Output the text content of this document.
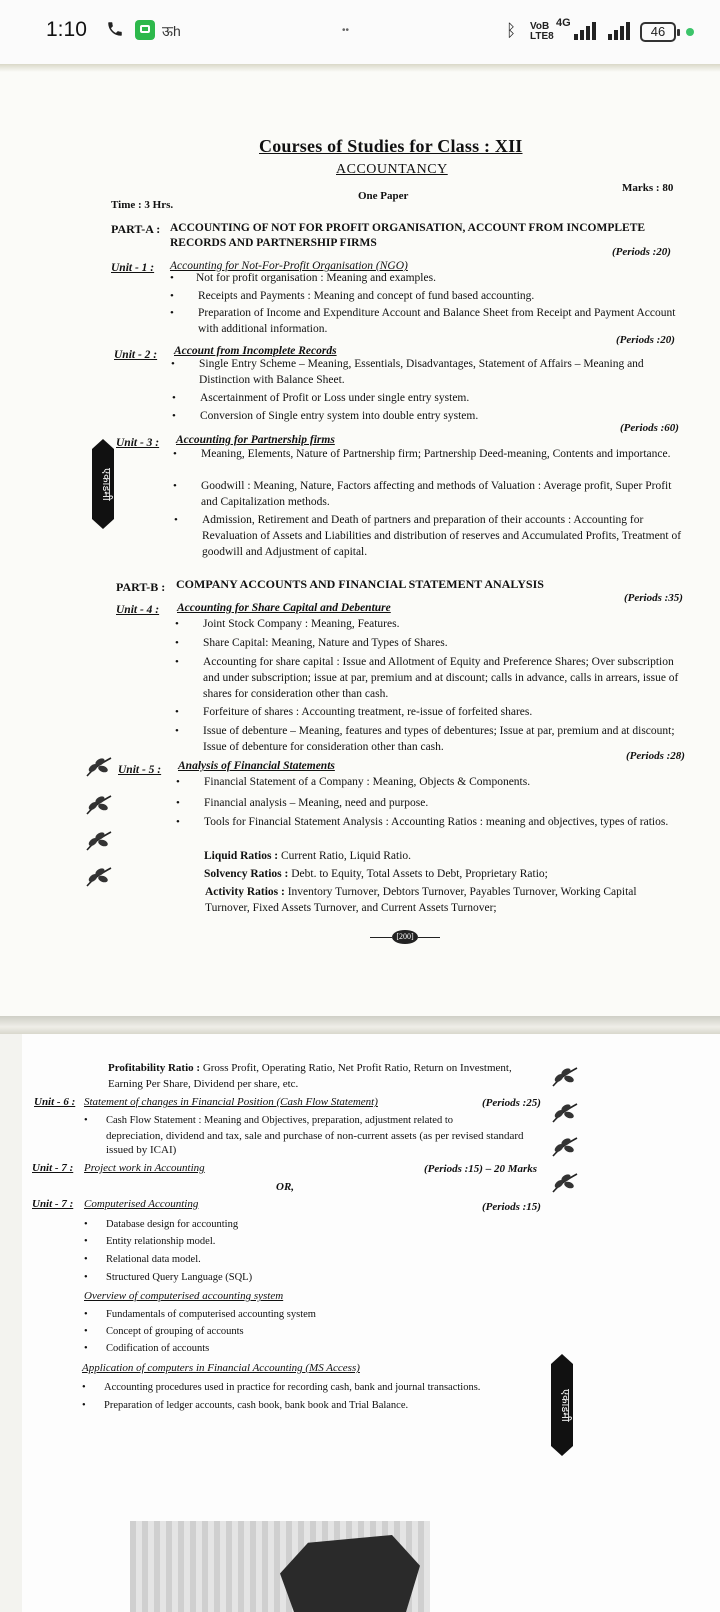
1:10	ऊh	••	ᛒ VoB
LTE8
4G
46
Courses of Studies for Class : XII
ACCOUNTANCY
Time : 3 Hrs.
One Paper
Marks : 80
PART-A : ACCOUNTING OF NOT FOR PROFIT ORGANISATION, ACCOUNT FROM INCOMPLETE
RECORDS AND PARTNERSHIP FIRMS
(Periods :20)
Unit - 1 : Accounting for Not-For-Profit Organisation (NGO)
• Not for profit organisation : Meaning and examples.
• Receipts and Payments : Meaning and concept of fund based accounting.
• Preparation of Income and Expenditure Account and Balance Sheet from Receipt and Payment Account with additional information.
(Periods :20)
Unit - 2 : Account from Incomplete Records
• Single Entry Scheme – Meaning, Essentials, Disadvantages, Statement of Affairs – Meaning and Distinction with Balance Sheet.
• Ascertainment of Profit or Loss under single entry system.
• Conversion of Single entry system into double entry system.
(Periods :60)
Unit - 3 : Accounting for Partnership firms
• Meaning, Elements, Nature of Partnership firm; Partnership Deed-meaning, Contents and importance.
• Goodwill : Meaning, Nature, Factors affecting and methods of Valuation : Average profit, Super Profit and Capitalization methods.
• Admission, Retirement and Death of partners and preparation of their accounts : Accounting for Revaluation of Assets and Liabilities and distribution of reserves and Accumulated Profits, Treatment of goodwill and Adjustment of capital.
PART-B : COMPANY ACCOUNTS AND FINANCIAL STATEMENT ANALYSIS
(Periods :35)
Unit - 4 : Accounting for Share Capital and Debenture
• Joint Stock Company : Meaning, Features.
• Share Capital: Meaning, Nature and Types of Shares.
• Accounting for share capital : Issue and Allotment of Equity and Preference Shares; Over subscription and under subscription; issue at par, premium and at discount; calls in advance, calls in arrears, issue of shares for consideration other than cash.
• Forfeiture of shares : Accounting treatment, re-issue of forfeited shares.
• Issue of debenture – Meaning, features and types of debentures; Issue at par, premium and at discount; Issue of debenture for consideration other than cash.
(Periods :28)
Unit - 5 : Analysis of Financial Statements
• Financial Statement of a Company : Meaning, Objects & Components.
• Financial analysis – Meaning, need and purpose.
• Tools for Financial Statement Analysis : Accounting Ratios : meaning and objectives, types of ratios.
Liquid Ratios : Current Ratio, Liquid Ratio.
Solvency Ratios : Debt. to Equity, Total Assets to Debt, Proprietary Ratio;
Activity Ratios : Inventory Turnover, Debtors Turnover, Payables Turnover, Working Capital
Turnover, Fixed Assets Turnover, and Current Assets Turnover;
[200]
एकाडमी
Profitability Ratio : Gross Profit, Operating Ratio, Net Profit Ratio, Return on Investment,
Earning Per Share, Dividend per share, etc.
Unit - 6 : Statement of changes in Financial Position (Cash Flow Statement)	(Periods :25)
• Cash Flow Statement : Meaning and Objectives, preparation, adjustment related to
depreciation, dividend and tax, sale and purchase of non-current assets (as per revised standard
issued by ICAI)
Unit - 7 : Project work in Accounting	(Periods :15) – 20 Marks
OR,
Unit - 7 : Computerised Accounting	(Periods :15)
• Database design for accounting
• Entity relationship model.
• Relational data model.
• Structured Query Language (SQL)
Overview of computerised accounting system
• Fundamentals of computerised accounting system
• Concept of grouping of accounts
• Codification of accounts
Application of computers in Financial Accounting (MS Access)
• Accounting procedures used in practice for recording cash, bank and journal transactions.
• Preparation of ledger accounts, cash book, bank book and Trial Balance.	एकाडमी
